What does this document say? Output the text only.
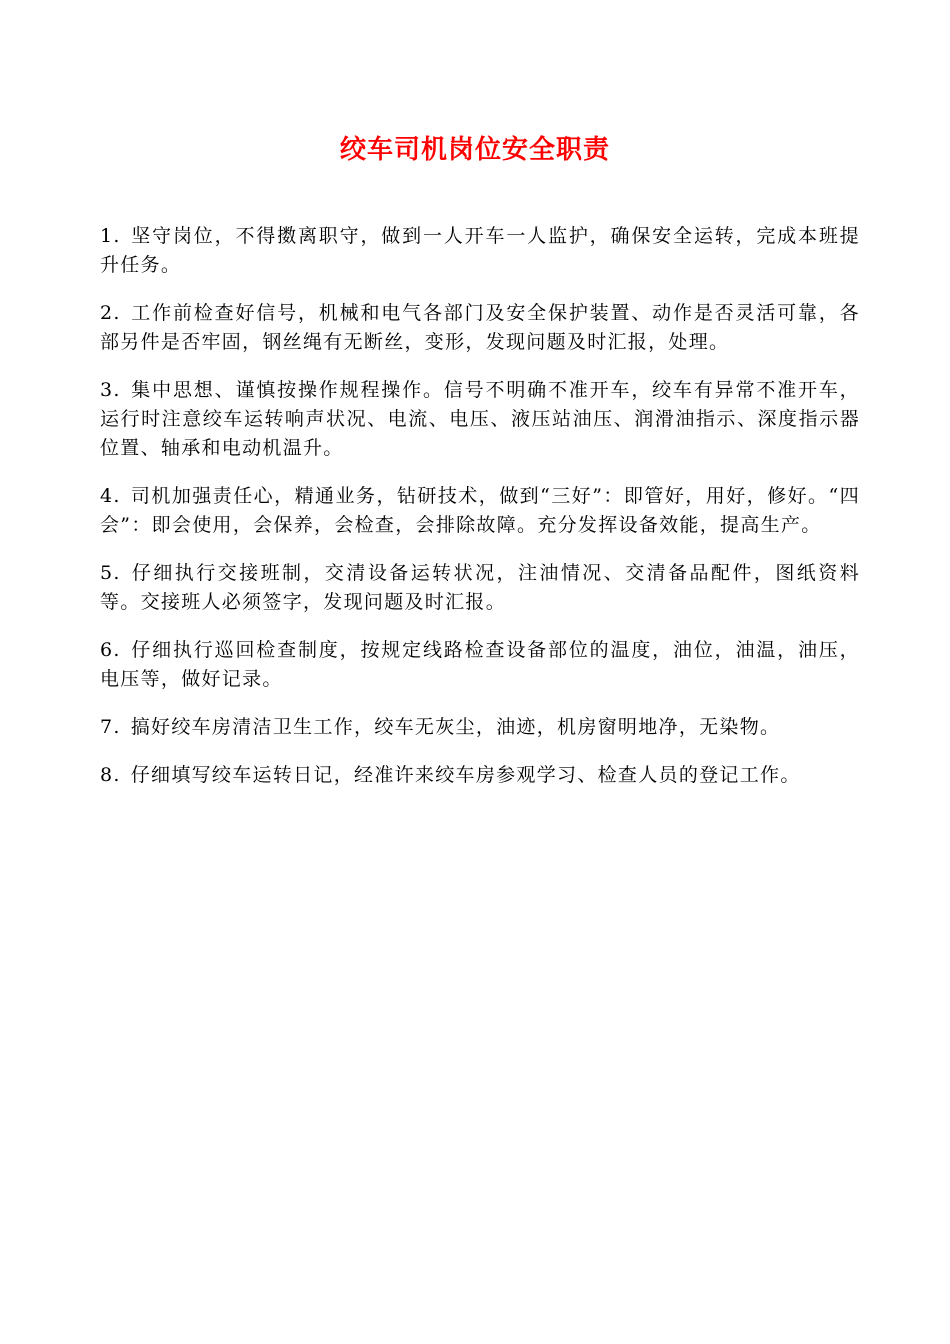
绞车司机岗位安全职责
1. 坚守岗位，不得擞离职守，做到一人开车一人监护，确保安全运转，完成本班提升任务。
2. 工作前检查好信号，机械和电气各部门及安全保护装置、动作是否灵活可靠，各部另件是否牢固，钢丝绳有无断丝，变形，发现问题及时汇报，处理。
3. 集中思想、谨慎按操作规程操作。信号不明确不准开车，绞车有异常不准开车，运行时注意绞车运转响声状况、电流、电压、液压站油压、润滑油指示、深度指示器位置、轴承和电动机温升。
4. 司机加强责任心，精通业务，钻研技术，做到“三好”：即管好，用好，修好。“四会”：即会使用，会保养，会检查，会排除故障。充分发挥设备效能，提高生产。
5. 仔细执行交接班制，交清设备运转状况，注油情况、交清备品配件，图纸资料等。交接班人必须签字，发现问题及时汇报。
6. 仔细执行巡回检查制度，按规定线路检查设备部位的温度，油位，油温，油压，电压等，做好记录。
7. 搞好绞车房清洁卫生工作，绞车无灰尘，油迹，机房窗明地净，无染物。
8. 仔细填写绞车运转日记，经准许来绞车房参观学习、检查人员的登记工作。
